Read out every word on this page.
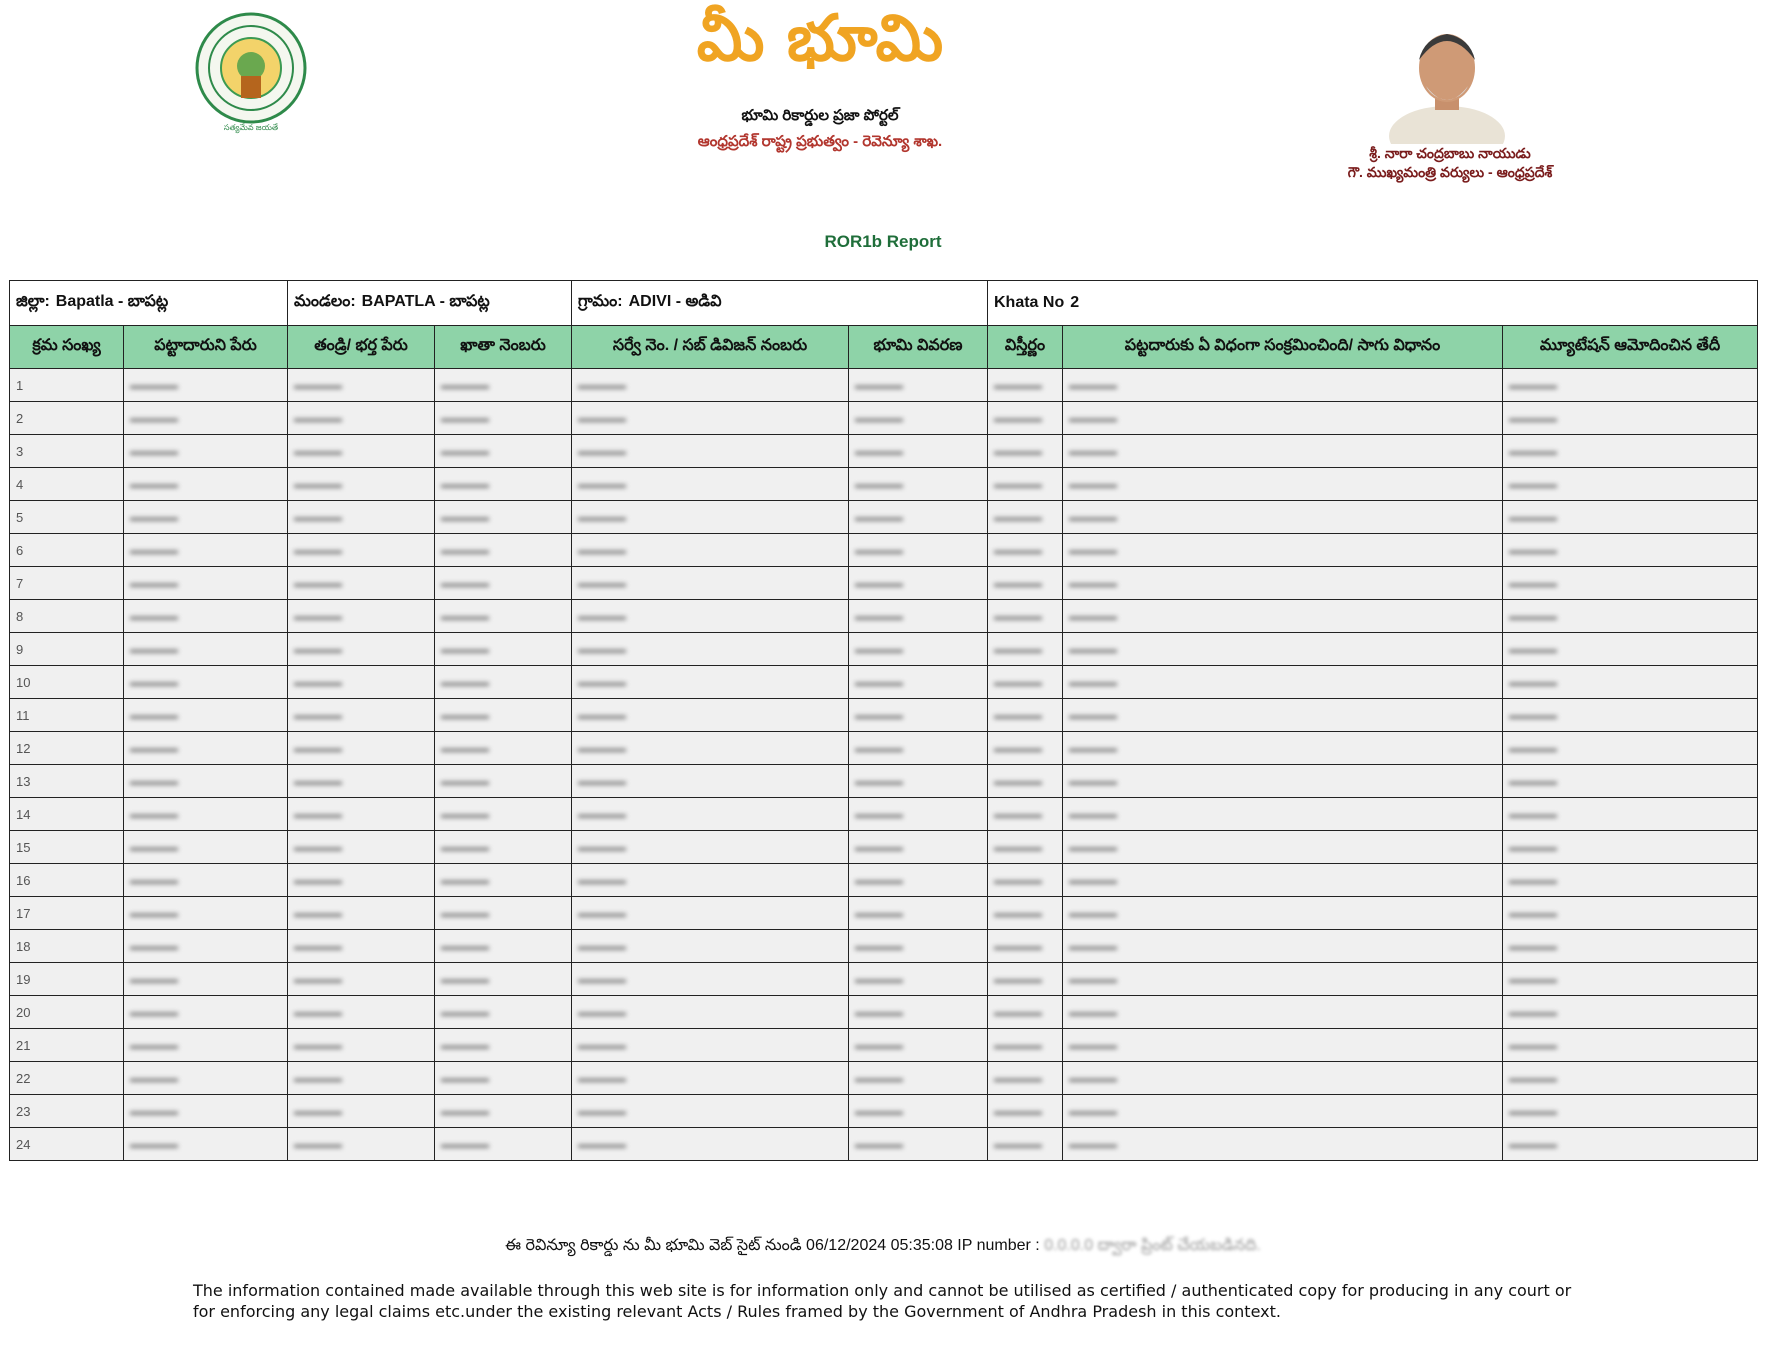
సత్యమేవ జయతే
మీ భూమి
భూమి రికార్డుల ప్రజా పోర్టల్
ఆంధ్రప్రదేశ్ రాష్ట్ర ప్రభుత్వం - రెవెన్యూ శాఖ.
శ్రీ. నారా చంద్రబాబు నాయుడు
గౌ. ముఖ్యమంత్రి వర్యులు - ఆంధ్రప్రదేశ్
ROR1b Report
జిల్లా: Bapatla - బాపట్ల		మండలం: BAPATLA - బాపట్ల		గ్రామం: ADIVI - అడివి		Khata No 2		
క్రమ సంఖ్య	పట్టాదారుని పేరు	తండ్రి/ భర్త పేరు	ఖాతా నెంబరు	సర్వే నెం. / సబ్ డివిజన్ నంబరు	భూమి వివరణ	విస్తీర్ణం	పట్టదారుకు ఏ విధంగా సంక్రమించింది/ సాగు విధానం	మ్యూటేషన్ ఆమోదించిన తేదీ
1	▬▬▬▬	▬▬▬▬	▬▬▬▬	▬▬▬▬	▬▬▬▬	▬▬▬▬	▬▬▬▬	▬▬▬▬
2	▬▬▬▬	▬▬▬▬	▬▬▬▬	▬▬▬▬	▬▬▬▬	▬▬▬▬	▬▬▬▬	▬▬▬▬
3	▬▬▬▬	▬▬▬▬	▬▬▬▬	▬▬▬▬	▬▬▬▬	▬▬▬▬	▬▬▬▬	▬▬▬▬
4	▬▬▬▬	▬▬▬▬	▬▬▬▬	▬▬▬▬	▬▬▬▬	▬▬▬▬	▬▬▬▬	▬▬▬▬
5	▬▬▬▬	▬▬▬▬	▬▬▬▬	▬▬▬▬	▬▬▬▬	▬▬▬▬	▬▬▬▬	▬▬▬▬
6	▬▬▬▬	▬▬▬▬	▬▬▬▬	▬▬▬▬	▬▬▬▬	▬▬▬▬	▬▬▬▬	▬▬▬▬
7	▬▬▬▬	▬▬▬▬	▬▬▬▬	▬▬▬▬	▬▬▬▬	▬▬▬▬	▬▬▬▬	▬▬▬▬
8	▬▬▬▬	▬▬▬▬	▬▬▬▬	▬▬▬▬	▬▬▬▬	▬▬▬▬	▬▬▬▬	▬▬▬▬
9	▬▬▬▬	▬▬▬▬	▬▬▬▬	▬▬▬▬	▬▬▬▬	▬▬▬▬	▬▬▬▬	▬▬▬▬
10	▬▬▬▬	▬▬▬▬	▬▬▬▬	▬▬▬▬	▬▬▬▬	▬▬▬▬	▬▬▬▬	▬▬▬▬
11	▬▬▬▬	▬▬▬▬	▬▬▬▬	▬▬▬▬	▬▬▬▬	▬▬▬▬	▬▬▬▬	▬▬▬▬
12	▬▬▬▬	▬▬▬▬	▬▬▬▬	▬▬▬▬	▬▬▬▬	▬▬▬▬	▬▬▬▬	▬▬▬▬
13	▬▬▬▬	▬▬▬▬	▬▬▬▬	▬▬▬▬	▬▬▬▬	▬▬▬▬	▬▬▬▬	▬▬▬▬
14	▬▬▬▬	▬▬▬▬	▬▬▬▬	▬▬▬▬	▬▬▬▬	▬▬▬▬	▬▬▬▬	▬▬▬▬
15	▬▬▬▬	▬▬▬▬	▬▬▬▬	▬▬▬▬	▬▬▬▬	▬▬▬▬	▬▬▬▬	▬▬▬▬
16	▬▬▬▬	▬▬▬▬	▬▬▬▬	▬▬▬▬	▬▬▬▬	▬▬▬▬	▬▬▬▬	▬▬▬▬
17	▬▬▬▬	▬▬▬▬	▬▬▬▬	▬▬▬▬	▬▬▬▬	▬▬▬▬	▬▬▬▬	▬▬▬▬
18	▬▬▬▬	▬▬▬▬	▬▬▬▬	▬▬▬▬	▬▬▬▬	▬▬▬▬	▬▬▬▬	▬▬▬▬
19	▬▬▬▬	▬▬▬▬	▬▬▬▬	▬▬▬▬	▬▬▬▬	▬▬▬▬	▬▬▬▬	▬▬▬▬
20	▬▬▬▬	▬▬▬▬	▬▬▬▬	▬▬▬▬	▬▬▬▬	▬▬▬▬	▬▬▬▬	▬▬▬▬
21	▬▬▬▬	▬▬▬▬	▬▬▬▬	▬▬▬▬	▬▬▬▬	▬▬▬▬	▬▬▬▬	▬▬▬▬
22	▬▬▬▬	▬▬▬▬	▬▬▬▬	▬▬▬▬	▬▬▬▬	▬▬▬▬	▬▬▬▬	▬▬▬▬
23	▬▬▬▬	▬▬▬▬	▬▬▬▬	▬▬▬▬	▬▬▬▬	▬▬▬▬	▬▬▬▬	▬▬▬▬
24	▬▬▬▬	▬▬▬▬	▬▬▬▬	▬▬▬▬	▬▬▬▬	▬▬▬▬	▬▬▬▬	▬▬▬▬
ఈ రెవిన్యూ రికార్డు ను మీ భూమి వెబ్ సైట్ నుండి 06/12/2024 05:35:08 IP number : 0.0.0.0 ద్వారా ప్రింట్ చేయబడినది.
The information contained made available through this web site is for information only and cannot be utilised as certified / authenticated copy for producing in any court or for enforcing any legal claims etc.under the existing relevant Acts / Rules framed by the Government of Andhra Pradesh in this context.
